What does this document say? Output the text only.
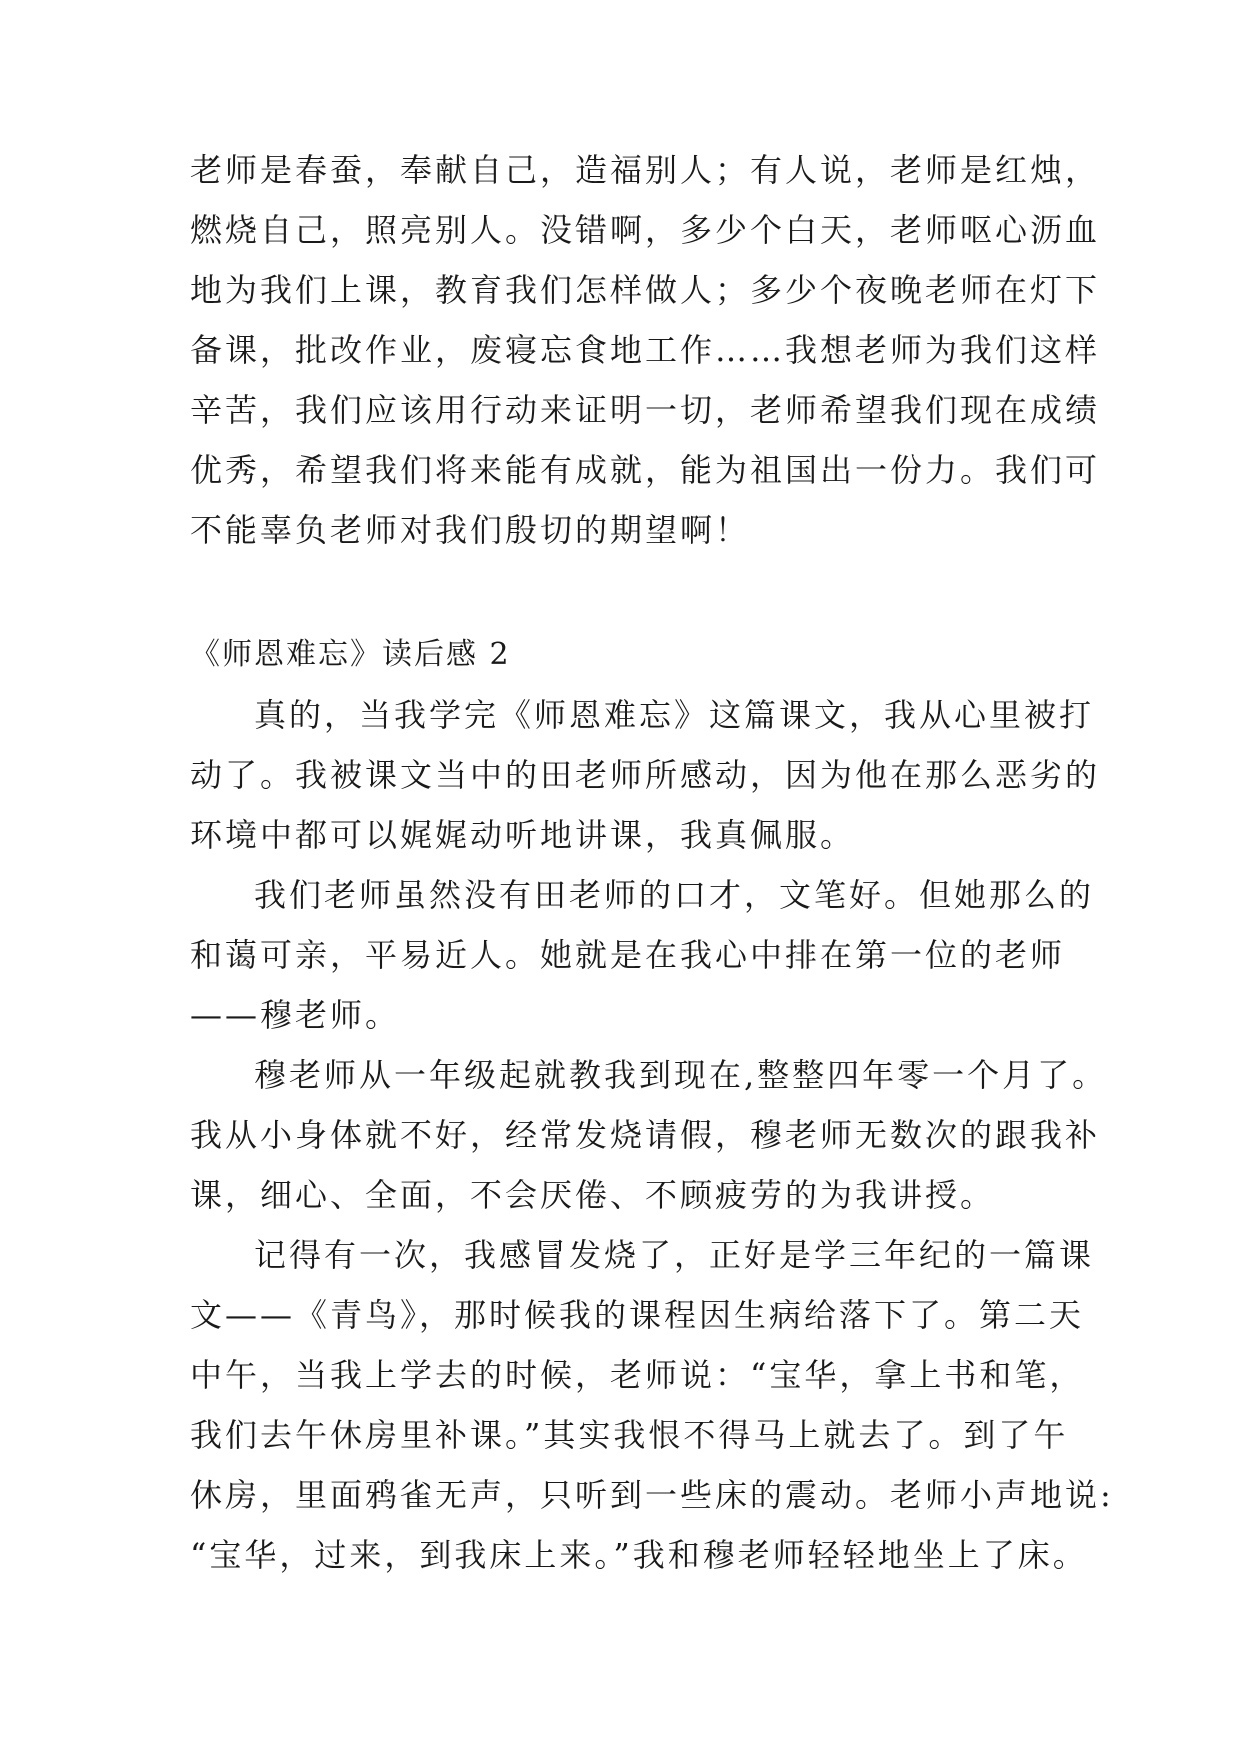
老师是春蚕，奉献自己，造福别人；有人说，老师是红烛，
燃烧自己，照亮别人。没错啊，多少个白天，老师呕心沥血
地为我们上课，教育我们怎样做人；多少个夜晚老师在灯下
备课，批改作业，废寝忘食地工作……我想老师为我们这样
辛苦，我们应该用行动来证明一切，老师希望我们现在成绩
优秀，希望我们将来能有成就，能为祖国出一份力。我们可
不能辜负老师对我们殷切的期望啊！
《师恩难忘》读后感 2
真的，当我学完《师恩难忘》这篇课文，我从心里被打
动了。我被课文当中的田老师所感动，因为他在那么恶劣的
环境中都可以娓娓动听地讲课，我真佩服。
我们老师虽然没有田老师的口才，文笔好。但她那么的
和蔼可亲，平易近人。她就是在我心中排在第一位的老师
——穆老师。
穆老师从一年级起就教我到现在,整整四年零一个月了。
我从小身体就不好，经常发烧请假，穆老师无数次的跟我补
课，细心、全面，不会厌倦、不顾疲劳的为我讲授。
记得有一次，我感冒发烧了，正好是学三年纪的一篇课
文——《青鸟》，那时候我的课程因生病给落下了。第二天
中午，当我上学去的时候，老师说：“宝华，拿上书和笔，
我们去午休房里补课。”其实我恨不得马上就去了。到了午
休房，里面鸦雀无声，只听到一些床的震动。老师小声地说:
“宝华，过来，到我床上来。”我和穆老师轻轻地坐上了床。
